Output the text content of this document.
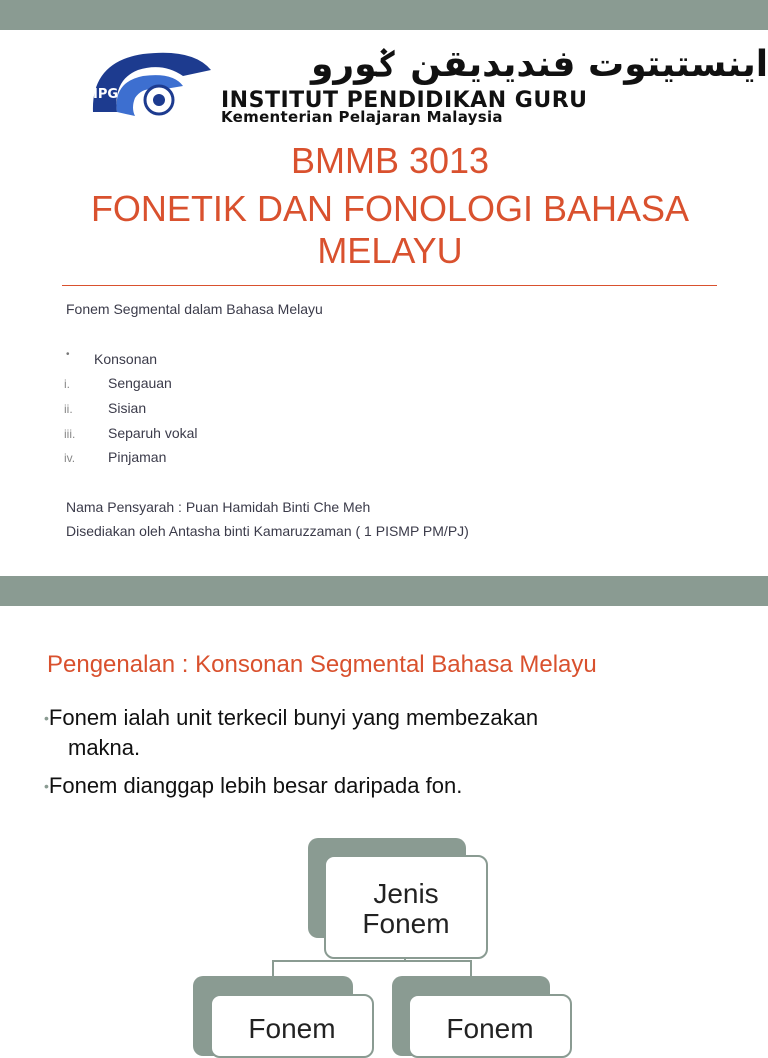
IPG
اينستيتوت فنديديقن ݢورو
INSTITUT PENDIDIKAN GURU
Kementerian Pelajaran Malaysia
BMMB 3013
FONETIK DAN FONOLOGI BAHASA
MELAYU
Fonem Segmental dalam Bahasa Melayu
• Konsonan
i.	Sengauan
ii.	Sisian
iii. Separuh vokal
iv. Pinjaman
Nama Pensyarah : Puan Hamidah Binti Che Meh
Disediakan oleh Antasha binti Kamaruzzaman ( 1 PISMP PM/PJ)
Pengenalan : Konsonan Segmental Bahasa Melayu
•Fonem ialah unit terkecil bunyi yang membezakan
makna.
•Fonem dianggap lebih besar daripada fon.
Jenis
Fonem
Fonem	Fonem
